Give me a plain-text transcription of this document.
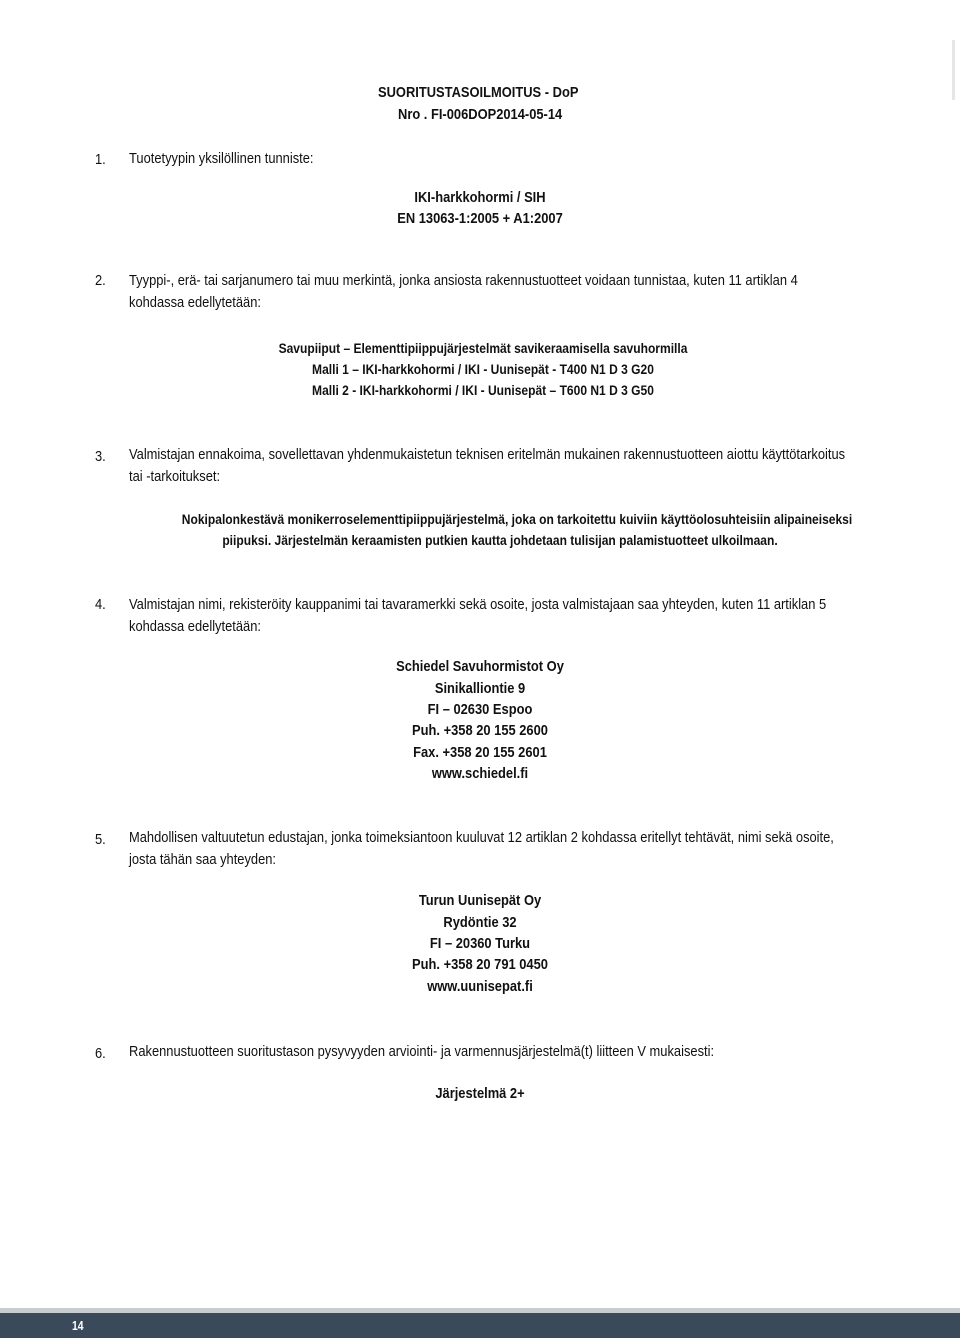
SUORITUSTASOILMOITUS - DoP
Nro . FI-006DOP2014-05-14
1. Tuotetyypin yksilöllinen tunniste:
IKI-harkkohormi / SIH
EN 13063-1:2005 + A1:2007
2. Tyyppi-, erä- tai sarjanumero tai muu merkintä, jonka ansiosta rakennustuotteet voidaan tunnistaa, kuten 11 artiklan 4
kohdassa edellytetään:
Savupiiput – Elementtipiippujärjestelmät savikeraamisella savuhormilla
Malli 1 – IKI-harkkohormi / IKI - Uunisepät - T400 N1 D 3 G20
Malli 2 - IKI-harkkohormi / IKI - Uunisepät – T600 N1 D 3 G50
3. Valmistajan ennakoima, sovellettavan yhdenmukaistetun teknisen eritelmän mukainen rakennustuotteen aiottu käyttötarkoitus
tai -tarkoitukset:
Nokipalonkestävä monikerroselementtipiippujärjestelmä, joka on tarkoitettu kuiviin käyttöolosuhteisiin alipaineiseksi
piipuksi. Järjestelmän keraamisten putkien kautta johdetaan tulisijan palamistuotteet ulkoilmaan.
4. Valmistajan nimi, rekisteröity kauppanimi tai tavaramerkki sekä osoite, josta valmistajaan saa yhteyden, kuten 11 artiklan 5
kohdassa edellytetään:
Schiedel Savuhormistot Oy
Sinikalliontie 9
FI – 02630 Espoo
Puh. +358 20 155 2600
Fax. +358 20 155 2601
www.schiedel.fi
5. Mahdollisen valtuutetun edustajan, jonka toimeksiantoon kuuluvat 12 artiklan 2 kohdassa eritellyt tehtävät, nimi sekä osoite,
josta tähän saa yhteyden:
Turun Uunisepät Oy
Rydöntie 32
FI – 20360 Turku
Puh. +358 20 791 0450
www.uunisepat.fi
6. Rakennustuotteen suoritustason pysyvyyden arviointi- ja varmennusjärjestelmä(t) liitteen V mukaisesti:
Järjestelmä 2+
14
